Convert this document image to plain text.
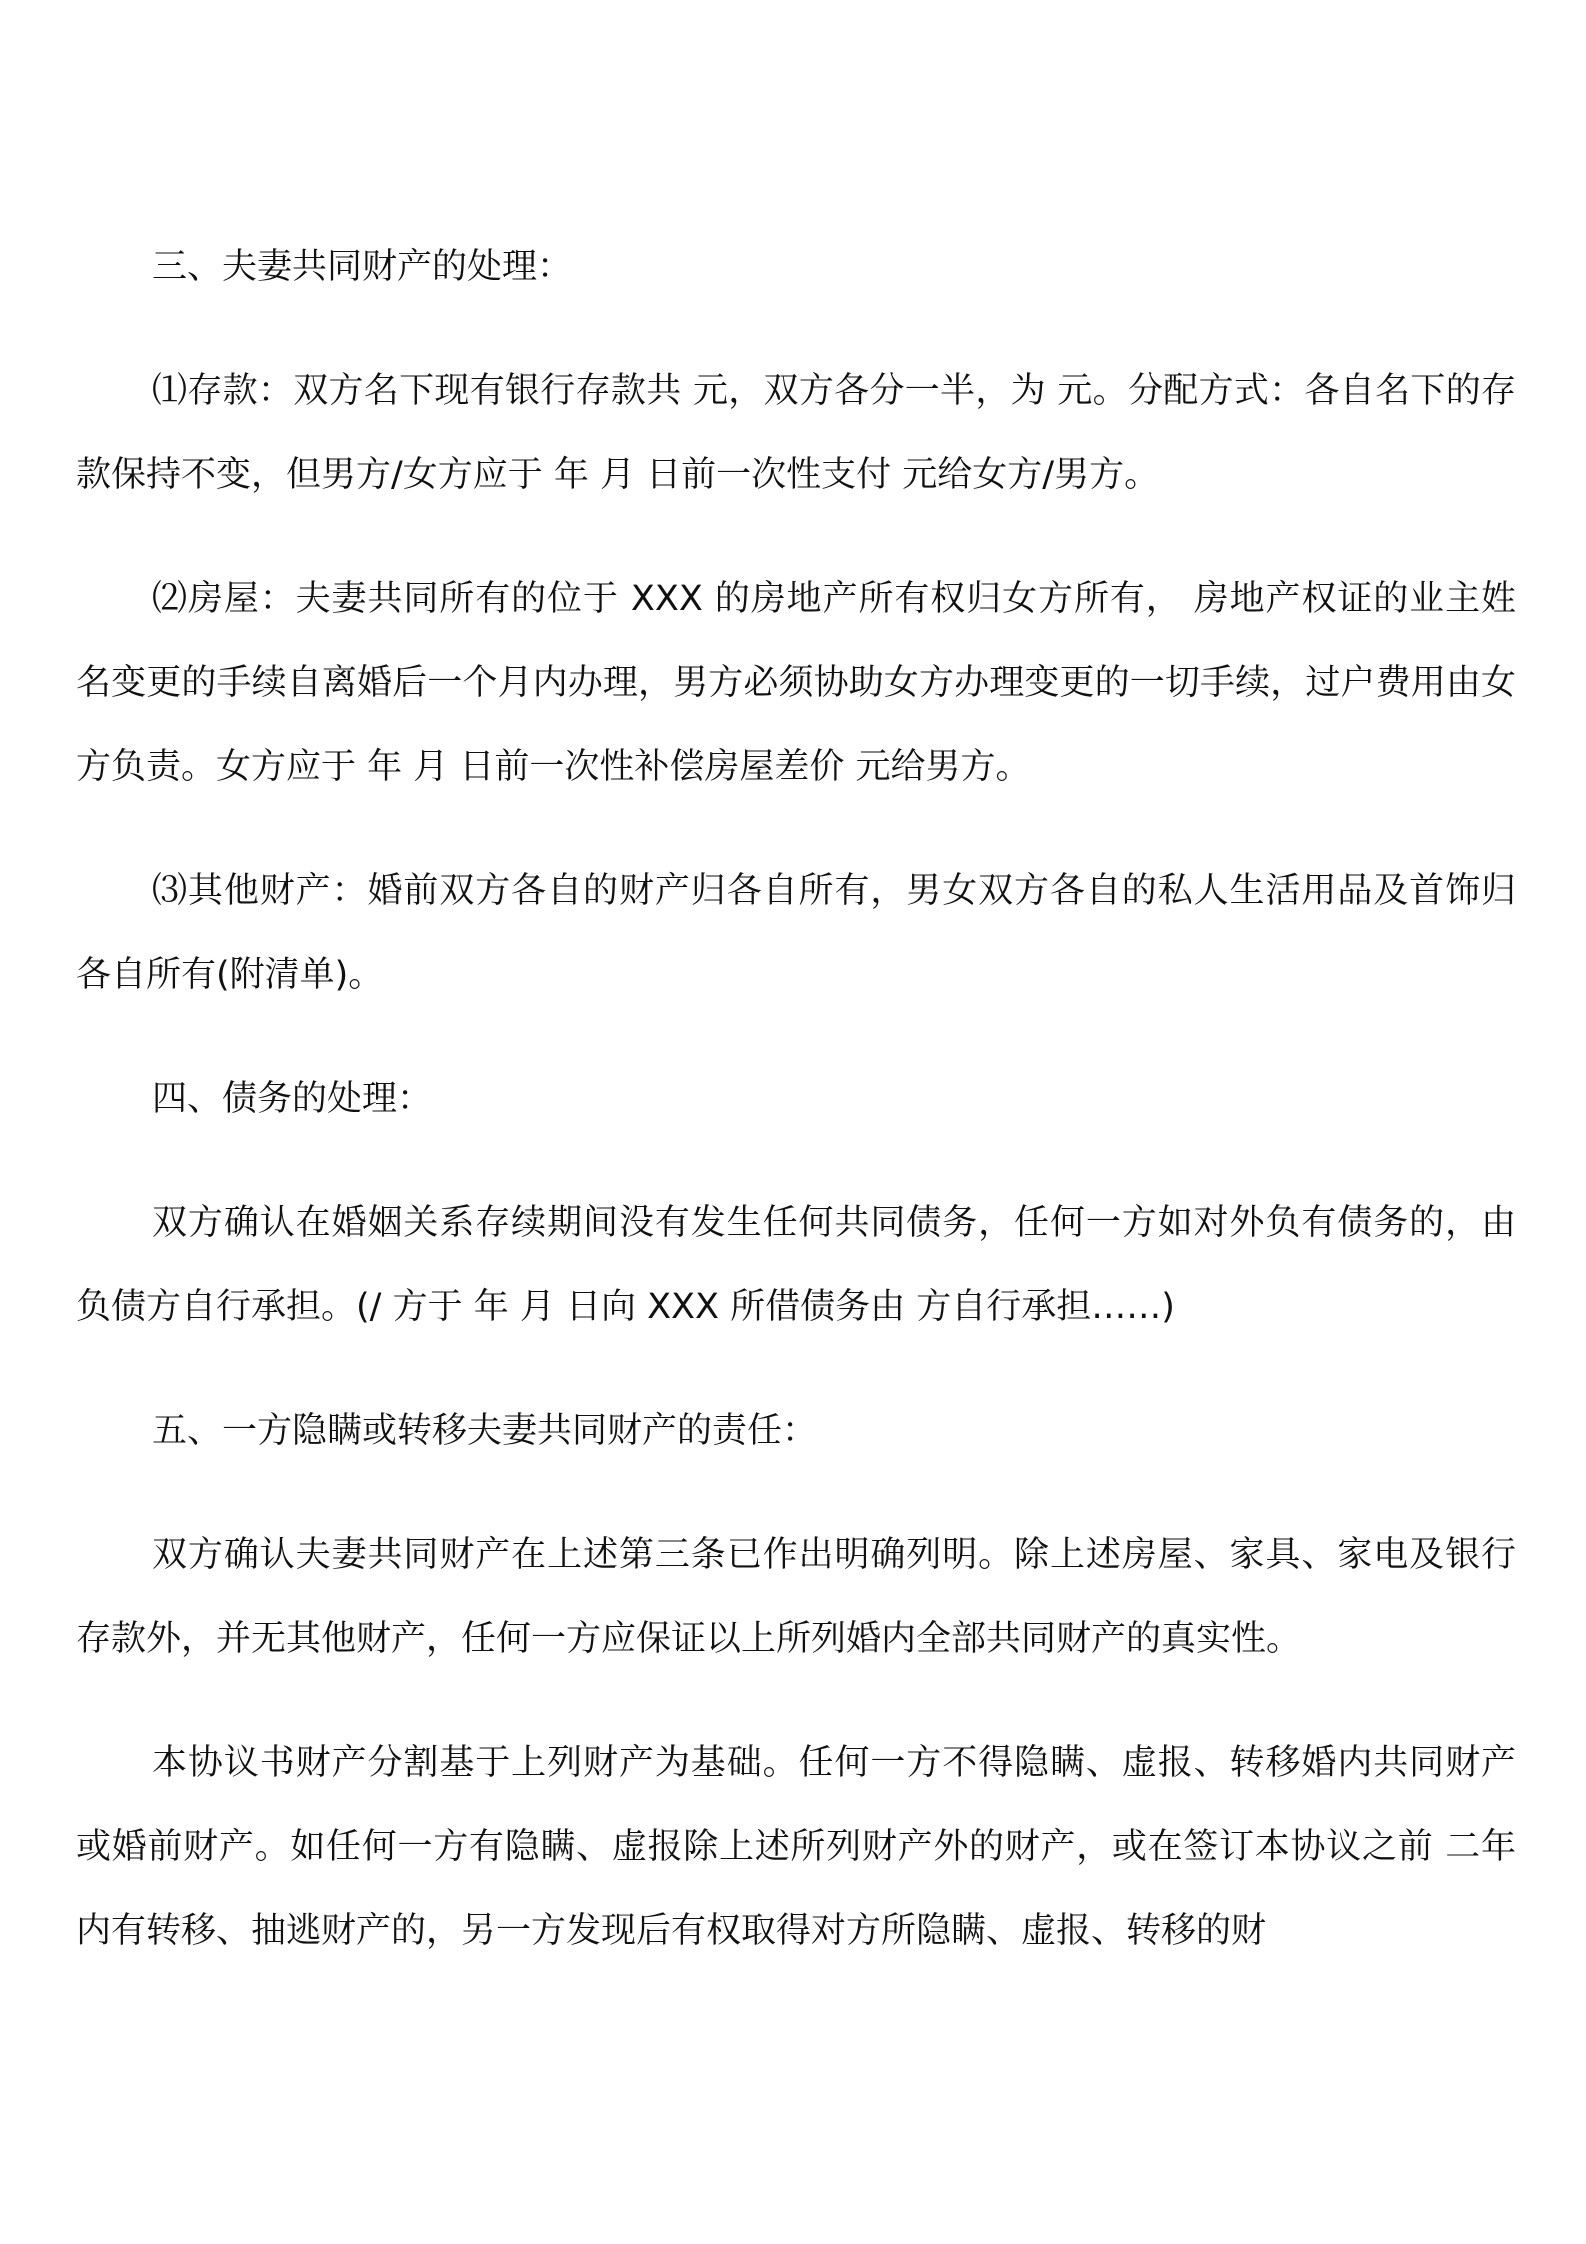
三、夫妻共同财产的处理：

⑴存款：双方名下现有银行存款共 元，双方各分一半，为 元。分配方式：各自名下的存款保持不变，但男方/女方应于 年 月 日前一次性支付 元给女方/男方。

⑵房屋：夫妻共同所有的位于 XXX 的房地产所有权归女方所有， 房地产权证的业主姓名变更的手续自离婚后一个月内办理，男方必须协助女方办理变更的一切手续，过户费用由女方负责。女方应于 年 月 日前一次性补偿房屋差价 元给男方。

⑶其他财产：婚前双方各自的财产归各自所有，男女双方各自的私人生活用品及首饰归各自所有(附清单)。

四、债务的处理：

双方确认在婚姻关系存续期间没有发生任何共同债务，任何一方如对外负有债务的，由负债方自行承担。(/ 方于 年 月 日向 XXX 所借债务由 方自行承担……)

五、一方隐瞒或转移夫妻共同财产的责任：

双方确认夫妻共同财产在上述第三条已作出明确列明。除上述房屋、家具、家电及银行存款外，并无其他财产，任何一方应保证以上所列婚内全部共同财产的真实性。

本协议书财产分割基于上列财产为基础。任何一方不得隐瞒、虚报、转移婚内共同财产或婚前财产。如任何一方有隐瞒、虚报除上述所列财产外的财产，或在签订本协议之前 二年内有转移、抽逃财产的，另一方发现后有权取得对方所隐瞒、虚报、转移的财
